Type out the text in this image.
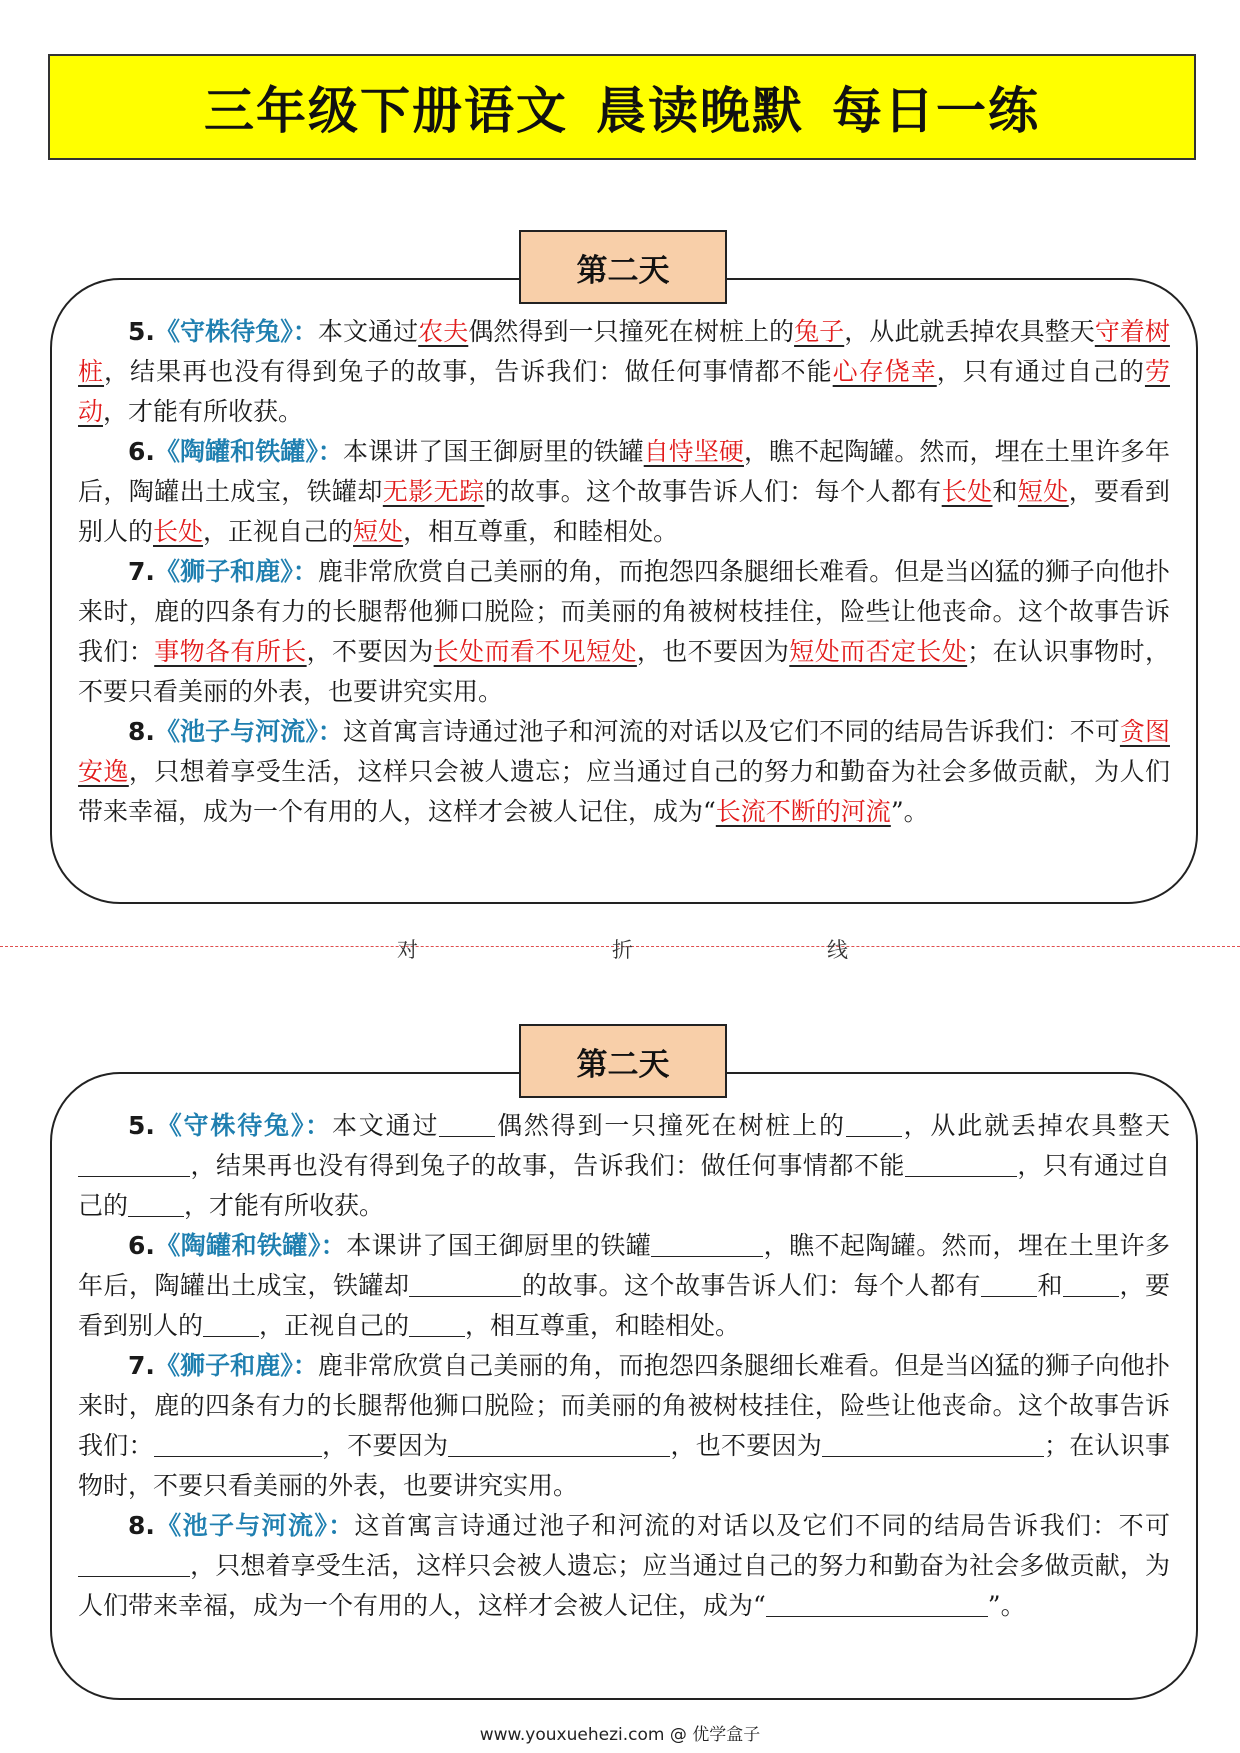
三年级下册语文 晨读晚默 每日一练
第二天

5.《守株待兔》：本文通过农夫偶然得到一只撞死在树桩上的兔子，从此就丢掉农具整天守着树桩，结果再也没有得到兔子的故事，告诉我们：做任何事情都不能心存侥幸，只有通过自己的劳动，才能有所收获。

6.《陶罐和铁罐》：本课讲了国王御厨里的铁罐自恃坚硬，瞧不起陶罐。然而，埋在土里许多年后，陶罐出土成宝，铁罐却无影无踪的故事。这个故事告诉人们：每个人都有长处和短处，要看到别人的长处，正视自己的短处，相互尊重，和睦相处。

7.《狮子和鹿》：鹿非常欣赏自己美丽的角，而抱怨四条腿细长难看。但是当凶猛的狮子向他扑来时，鹿的四条有力的长腿帮他狮口脱险；而美丽的角被树枝挂住，险些让他丧命。这个故事告诉我们：事物各有所长，不要因为长处而看不见短处，也不要因为短处而否定长处；在认识事物时，不要只看美丽的外表，也要讲究实用。

8.《池子与河流》：这首寓言诗通过池子和河流的对话以及它们不同的结局告诉我们：不可贪图安逸，只想着享受生活，这样只会被人遗忘；应当通过自己的努力和勤奋为社会多做贡献，为人们带来幸福，成为一个有用的人，这样才会被人记住，成为“长流不断的河流”。

对	折	线
第二天

5.《守株待兔》：本文通过 偶然得到一只撞死在树桩上的 ，从此就丢掉农具整天，结果再也没有得到兔子的故事，告诉我们：做任何事情都不能	，只有通过自己的 ，才能有所收获。

6.《陶罐和铁罐》：本课讲了国王御厨里的铁罐	，瞧不起陶罐。然而，埋在土里许多年后，陶罐出土成宝，铁罐却	的故事。这个故事告诉人们：每个人都有 和 ，要看到别人的 ，正视自己的 ，相互尊重，和睦相处。

7.《狮子和鹿》：鹿非常欣赏自己美丽的角，而抱怨四条腿细长难看。但是当凶猛的狮子向他扑来时，鹿的四条有力的长腿帮他狮口脱险；而美丽的角被树枝挂住，险些让他丧命。这个故事告诉我们：	，不要因为	，也不要因为	；在认识事物时，不要只看美丽的外表，也要讲究实用。

8.《池子与河流》：这首寓言诗通过池子和河流的对话以及它们不同的结局告诉我们：不可，只想着享受生活，这样只会被人遗忘；应当通过自己的努力和勤奋为社会多做贡献，为人们带来幸福，成为一个有用的人，这样才会被人记住，成为“	”。

www.youxuehezi.com @ 优学盒子
